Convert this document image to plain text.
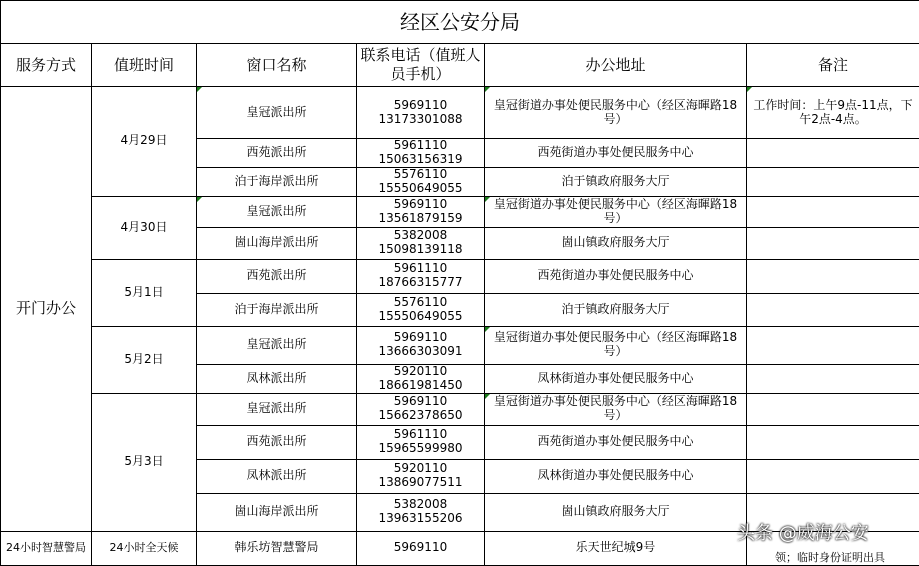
经区公安分局					
服务方式	值班时间	窗口名称	联系电话（值班人员手机）	办公地址	备注
开门办公	4月29日	皇冠派出所	5969110 13173301088	皇冠街道办事处便民服务中心（经区海暉路18号）	工作时间：上午9点-11点，下午2点-4点。
		西苑派出所	5961110 15063156319	西苑街道办事处便民服务中心	
		泊于海岸派出所	5576110 15550649055	泊于镇政府服务大厅	
	4月30日	皇冠派出所	5969110 13561879159	皇冠街道办事处便民服务中心（经区海暉路18号）	
		崮山海岸派出所	5382008 15098139118	崮山镇政府服务大厅	
	5月1日	西苑派出所	5961110 18766315777	西苑街道办事处便民服务中心	
		泊于海岸派出所	5576110 15550649055	泊于镇政府服务大厅	
	5月2日	皇冠派出所	5969110 13666303091	皇冠街道办事处便民服务中心（经区海暉路18号）	
		凤林派出所	5920110 18661981450	凤林街道办事处便民服务中心	
	5月3日	皇冠派出所	5969110 15662378650	皇冠街道办事处便民服务中心（经区海暉路18号）	
		西苑派出所	5961110 15965599980	西苑街道办事处便民服务中心	
		凤林派出所	5920110 13869077511	凤林街道办事处便民服务中心	
		崮山海岸派出所	5382008 13963155206	崮山镇政府服务大厅	
24小时智慧警局	24小时全天候	韩乐坊智慧警局	5969110	乐天世纪城9号	领；临时身份证明出具
头条 @威海公安
